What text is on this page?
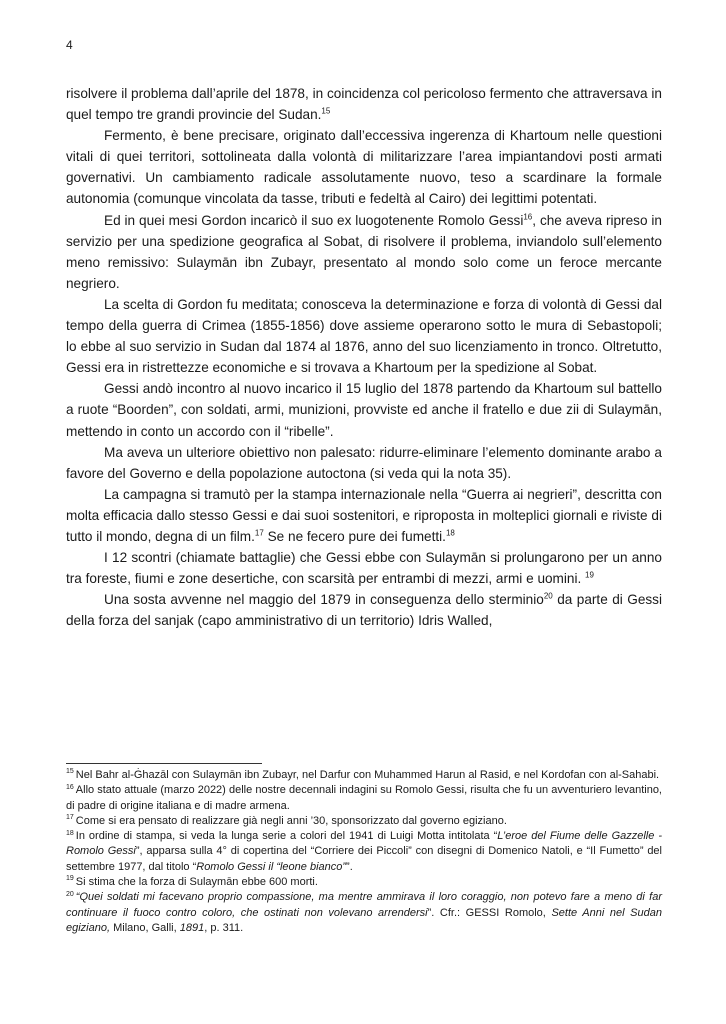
4

risolvere il problema dall’aprile del 1878, in coincidenza col pericoloso fermento che attraversava in quel tempo tre grandi provincie del Sudan.$^{15}$

Fermento, è bene precisare, originato dall’eccessiva ingerenza di Khartoum nelle questioni vitali di quei territori, sottolineata dalla volontà di militarizzare l’area impiantandovi posti armati governativi. Un cambiamento radicale assolutamente nuovo, teso a scardinare la formale autonomia (comunque vincolata da tasse, tributi e fedeltà al Cairo) dei legittimi potentati.

Ed in quei mesi Gordon incaricò il suo ex luogotenente Romolo Gessi$^{16}$, che aveva ripreso in servizio per una spedizione geografica al Sobat, di risolvere il problema, inviandolo sull’elemento meno remissivo: Sulaymān ibn Zubayr, presentato al mondo solo come un feroce mercante negriero.

La scelta di Gordon fu meditata; conosceva la determinazione e forza di volontà di Gessi dal tempo della guerra di Crimea (1855-1856) dove assieme operarono sotto le mura di Sebastopoli; lo ebbe al suo servizio in Sudan dal 1874 al 1876, anno del suo licenziamento in tronco. Oltretutto, Gessi era in ristrettezze economiche e si trovava a Khartoum per la spedizione al Sobat.

Gessi andò incontro al nuovo incarico il 15 luglio del 1878 partendo da Khartoum sul battello a ruote “Boorden”, con soldati, armi, munizioni, provviste ed anche il fratello e due zii di Sulaymān, mettendo in conto un accordo con il “ribelle”.

Ma aveva un ulteriore obiettivo non palesato: ridurre-eliminare l’elemento dominante arabo a favore del Governo e della popolazione autoctona (si veda qui la nota 35).

La campagna si tramutò per la stampa internazionale nella “Guerra ai negrieri”, descritta con molta efficacia dallo stesso Gessi e dai suoi sostenitori, e riproposta in molteplici giornali e riviste di tutto il mondo, degna di un film.$^{17}$ Se ne fecero pure dei fumetti.$^{18}$

I 12 scontri (chiamate battaglie) che Gessi ebbe con Sulaymān si prolungarono per un anno tra foreste, fiumi e zone desertiche, con scarsità per entrambi di mezzi, armi e uomini. $^{19}$

Una sosta avvenne nel maggio del 1879 in conseguenza dello sterminio$^{20}$ da parte di Gessi della forza del sanjak (capo amministrativo di un territorio) Idris Walled,

$^{15}$ Nel Bahr al-Ġhazāl con Sulaymān ibn Zubayr, nel Darfur con Muhammed Harun al Rasid, e nel Kordofan con al-Sahabi.

$^{16}$ Allo stato attuale (marzo 2022) delle nostre decennali indagini su Romolo Gessi, risulta che fu un avventuriero levantino, di padre di origine italiana e di madre armena.

$^{17}$ Come si era pensato di realizzare già negli anni ’30, sponsorizzato dal governo egiziano.

$^{18}$ In ordine di stampa, si veda la lunga serie a colori del 1941 di Luigi Motta intitolata “L’eroe del Fiume delle Gazzelle - Romolo Gessi”, apparsa sulla 4° di copertina del “Corriere dei Piccoli” con disegni di Domenico Natoli, e “Il Fumetto” del settembre 1977, dal titolo “Romolo Gessi il “leone bianco””.

$^{19}$ Si stima che la forza di Sulaymān ebbe 600 morti.

$^{20}$ “Quei soldati mi facevano proprio compassione, ma mentre ammirava il loro coraggio, non potevo fare a meno di far continuare il fuoco contro coloro, che ostinati non volevano arrendersi”. Cfr.: GESSI Romolo, Sette Anni nel Sudan egiziano, Milano, Galli, 1891, p. 311.
